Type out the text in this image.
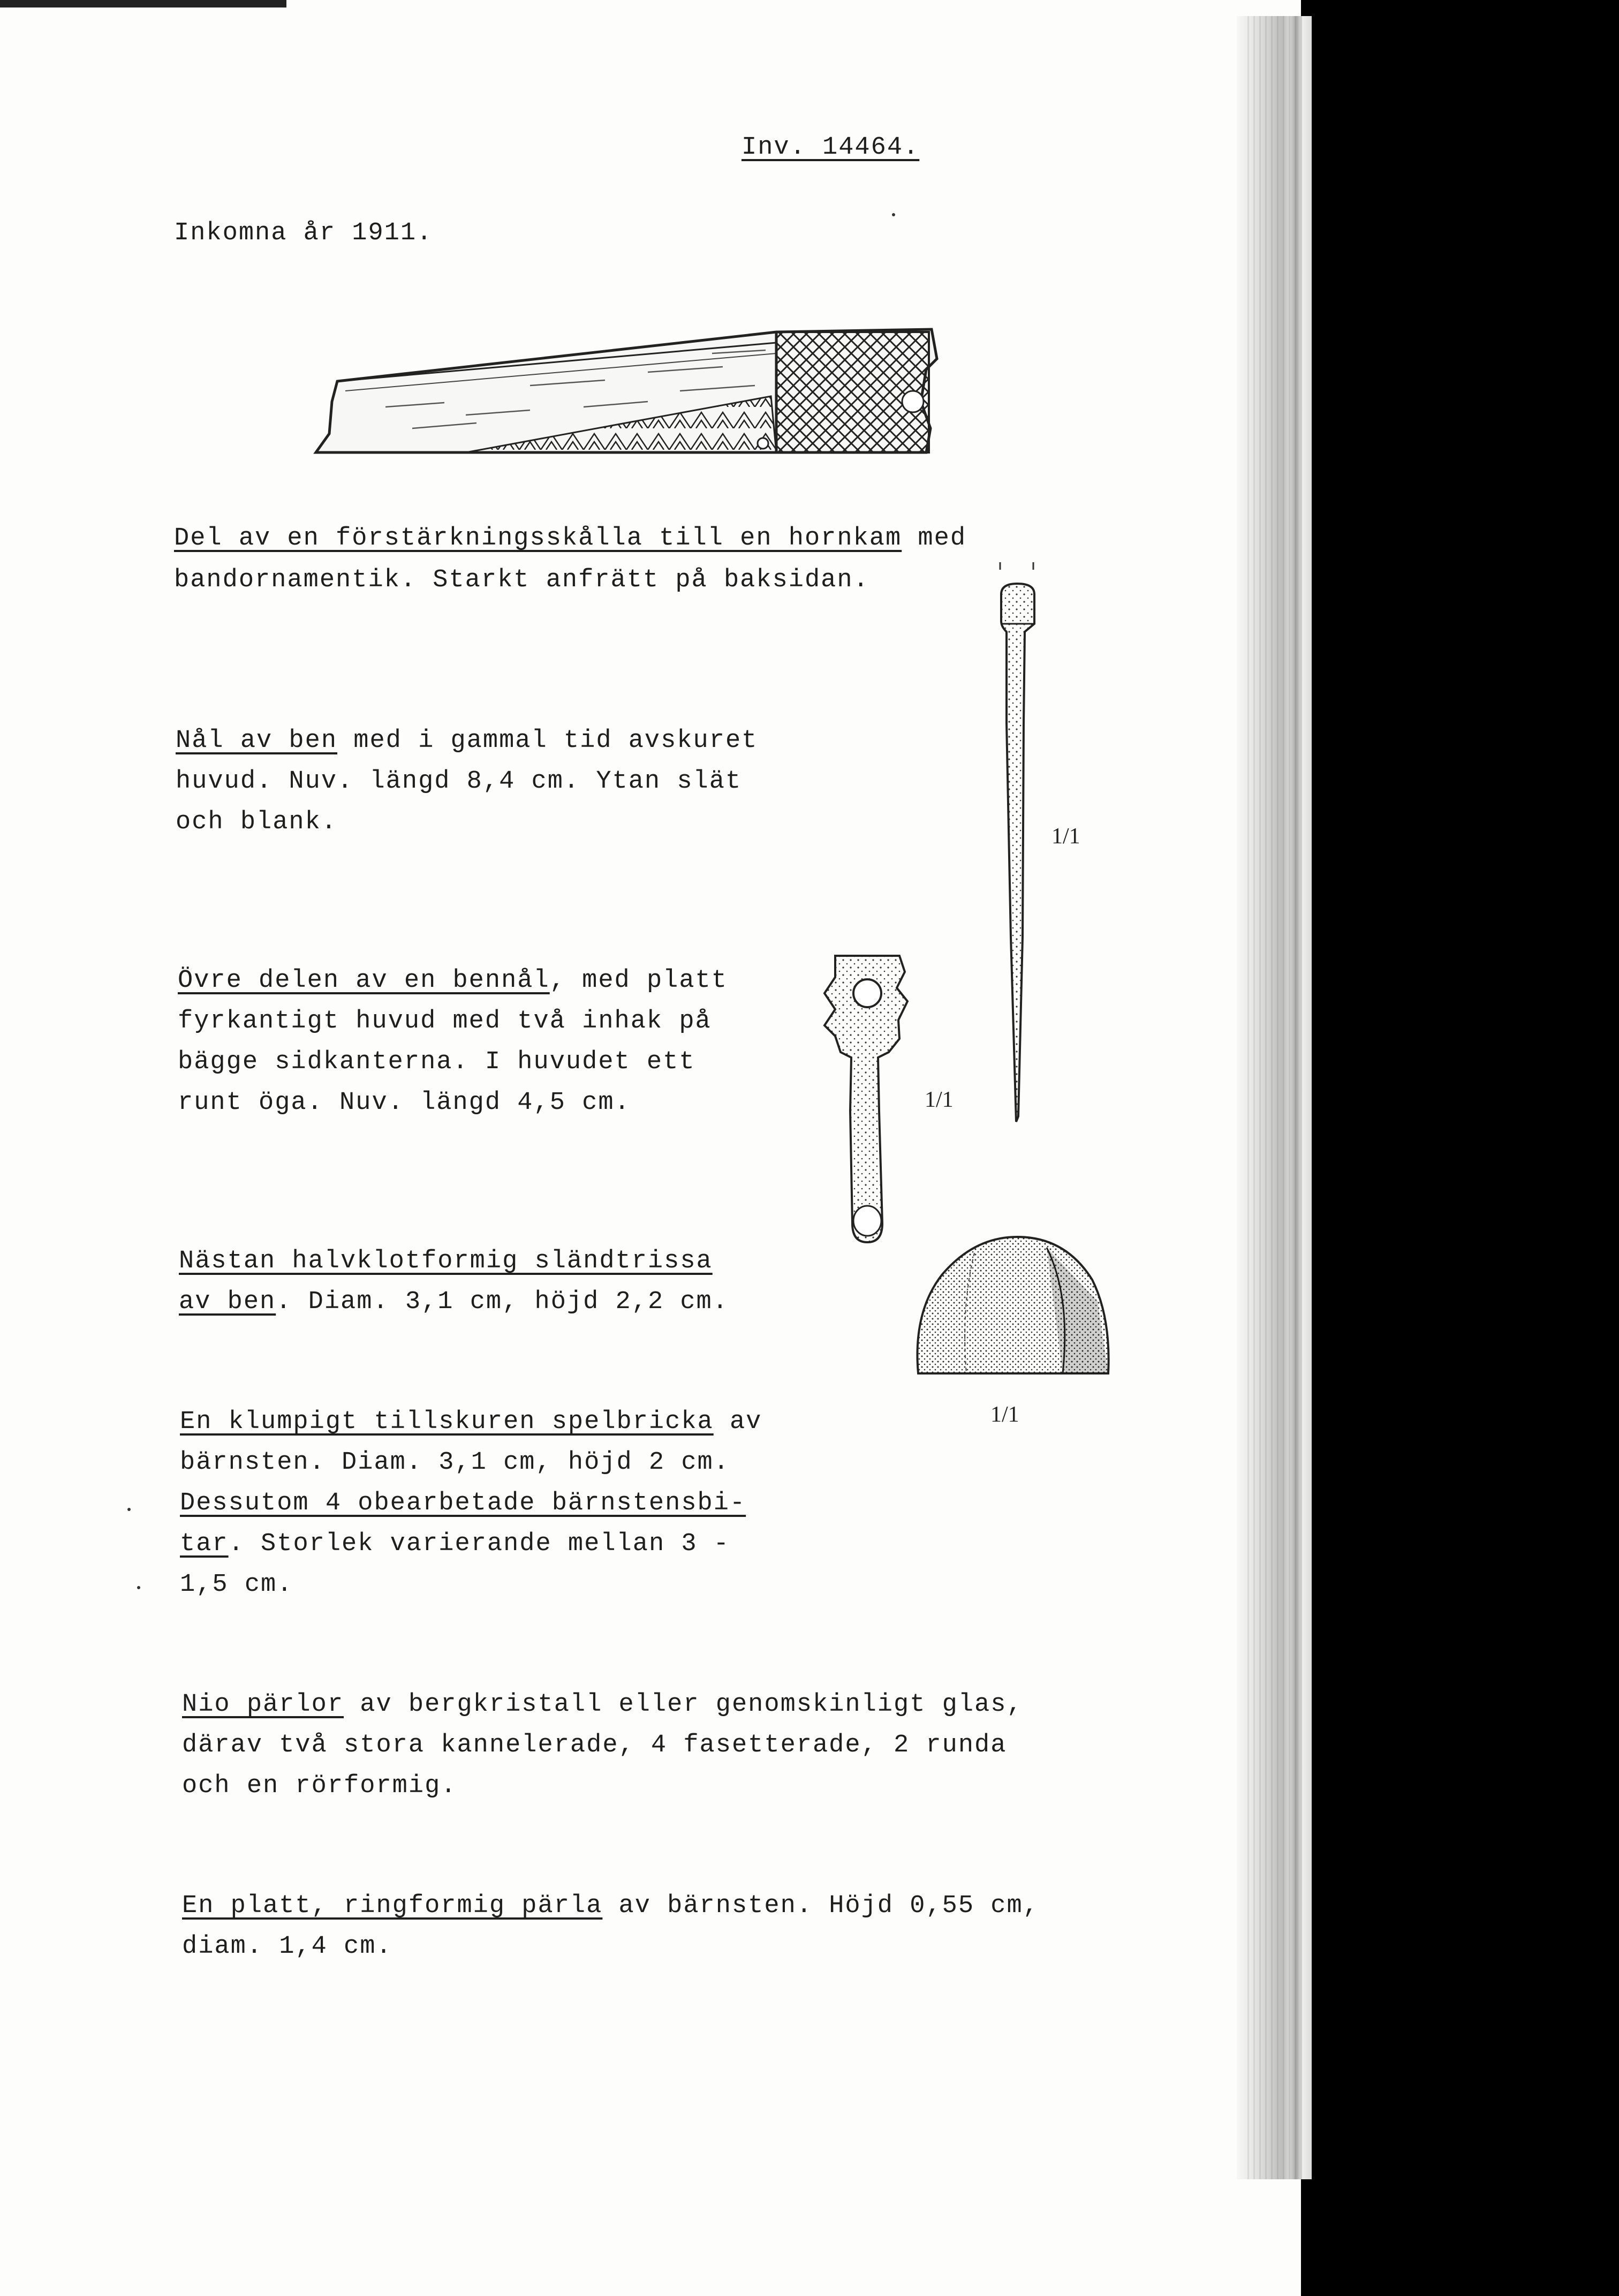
Inv. 14464.
Inkomna år 1911.
Del av en förstärkningsskålla till en hornkam med
bandornamentik. Starkt anfrätt på baksidan.
Nål av ben med i gammal tid avskuret
huvud. Nuv. längd 8,4 cm. Ytan slät
och blank.
Övre delen av en bennål, med platt
fyrkantigt huvud med två inhak på
bägge sidkanterna. I huvudet ett
runt öga. Nuv. längd 4,5 cm.
Nästan halvklotformig sländtrissa
av ben. Diam. 3,1 cm, höjd 2,2 cm.
En klumpigt tillskuren spelbricka av
bärnsten. Diam. 3,1 cm, höjd 2 cm.
Dessutom 4 obearbetade bärnstensbi-
tar. Storlek varierande mellan 3 -
1,5 cm.
Nio pärlor av bergkristall eller genomskinligt glas,
därav två stora kannelerade, 4 fasetterade, 2 runda
och en rörformig.
En platt, ringformig pärla av bärnsten. Höjd 0,55 cm,
diam. 1,4 cm.
1/1
1/1
1/1
